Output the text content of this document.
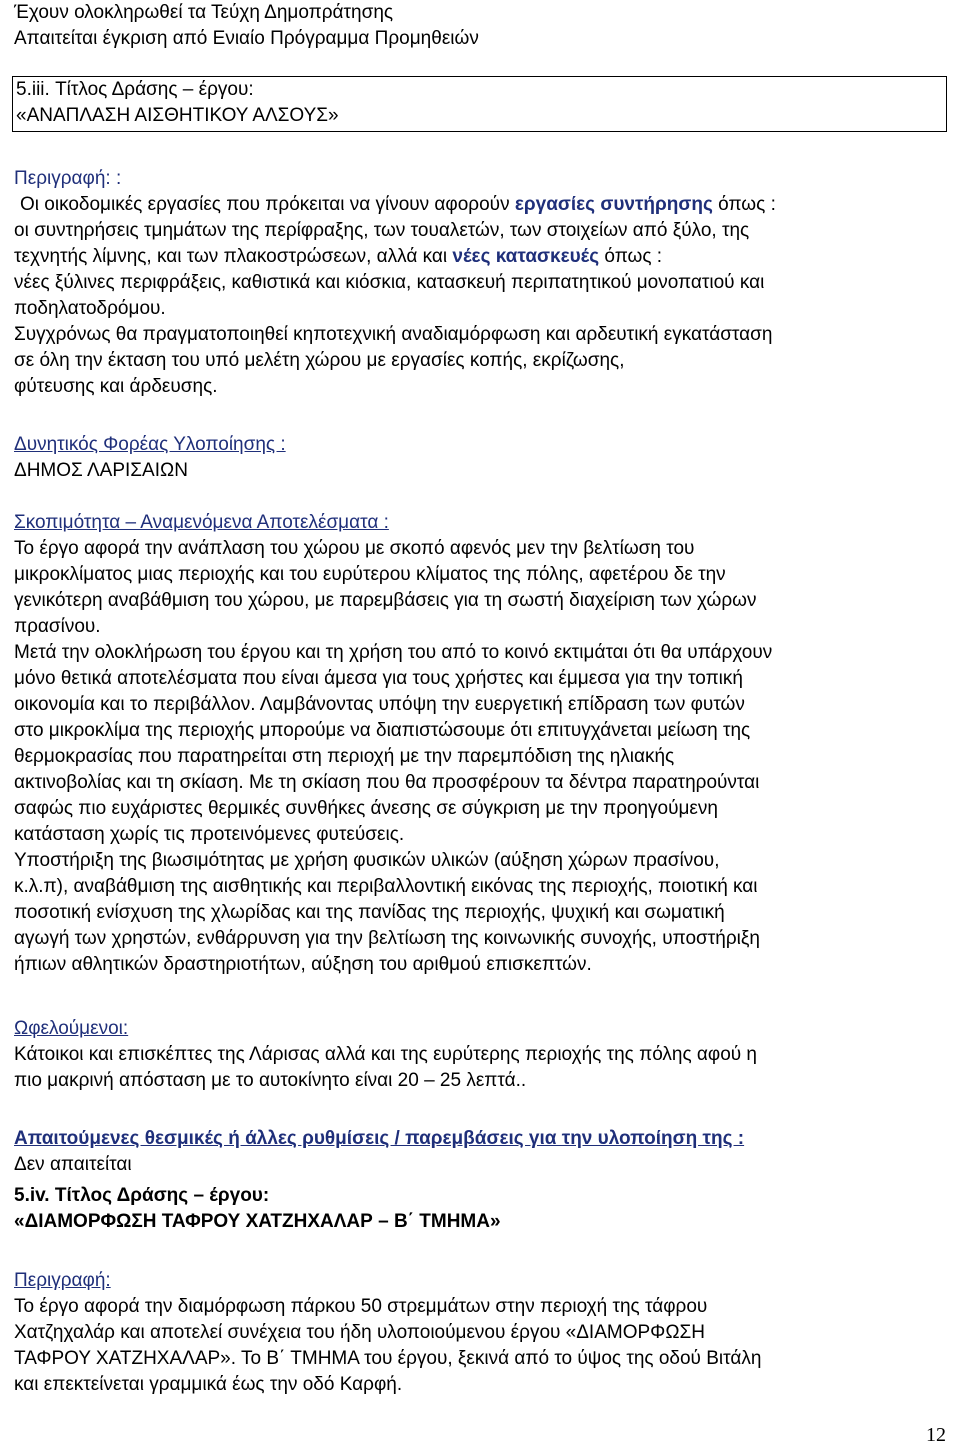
Έχουν ολοκληρωθεί τα Τεύχη Δημοπράτησης
Απαιτείται έγκριση από Ενιαίο Πρόγραμμα Προμηθειών
5.iii. Τίτλος Δράσης – έργου:
«ΑΝΑΠΛΑΣΗ ΑΙΣΘΗΤΙΚΟΥ ΑΛΣΟΥΣ»
Περιγραφή: :
Οι οικοδομικές εργασίες που πρόκειται να γίνουν αφορούν εργασίες συντήρησης όπως :
οι συντηρήσεις τμημάτων της περίφραξης, των τουαλετών, των στοιχείων από ξύλο, της
τεχνητής λίμνης, και των πλακοστρώσεων, αλλά και νέες κατασκευές όπως :
νέες ξύλινες περιφράξεις, καθιστικά και κιόσκια, κατασκευή περιπατητικού μονοπατιού και
ποδηλατοδρόμου.
Συγχρόνως θα πραγματοποιηθεί κηποτεχνική αναδιαμόρφωση και αρδευτική εγκατάσταση
σε όλη την έκταση του υπό μελέτη χώρου με εργασίες κοπής, εκρίζωσης,
φύτευσης και άρδευσης.
Δυνητικός Φορέας Υλοποίησης :
ΔΗΜΟΣ ΛΑΡΙΣΑΙΩΝ
Σκοπιμότητα – Αναμενόμενα Αποτελέσματα :
Το έργο αφορά την ανάπλαση του χώρου με σκοπό αφενός μεν την βελτίωση του
μικροκλίματος μιας περιοχής και του ευρύτερου κλίματος της πόλης, αφετέρου δε την
γενικότερη αναβάθμιση του χώρου, με παρεμβάσεις για τη σωστή διαχείριση των χώρων
πρασίνου.
Μετά την ολοκλήρωση του έργου και τη χρήση του από το κοινό εκτιμάται ότι θα υπάρχουν
μόνο θετικά αποτελέσματα που είναι άμεσα για τους χρήστες και έμμεσα για την τοπική
οικονομία και το περιβάλλον. Λαμβάνοντας υπόψη την ευεργετική επίδραση των φυτών
στο μικροκλίμα της περιοχής μπορούμε να διαπιστώσουμε ότι επιτυγχάνεται μείωση της
θερμοκρασίας που παρατηρείται στη περιοχή με την παρεμπόδιση της ηλιακής
ακτινοβολίας και τη σκίαση. Με τη σκίαση που θα προσφέρουν τα δέντρα παρατηρούνται
σαφώς πιο ευχάριστες θερμικές συνθήκες άνεσης σε σύγκριση με την προηγούμενη
κατάσταση χωρίς τις προτεινόμενες φυτεύσεις.
Υποστήριξη της βιωσιμότητας με χρήση φυσικών υλικών (αύξηση χώρων πρασίνου,
κ.λ.π), αναβάθμιση της αισθητικής και περιβαλλοντική εικόνας της περιοχής, ποιοτική και
ποσοτική ενίσχυση της χλωρίδας και της πανίδας της περιοχής, ψυχική και σωματική
αγωγή των χρηστών, ενθάρρυνση για την βελτίωση της κοινωνικής συνοχής, υποστήριξη
ήπιων αθλητικών δραστηριοτήτων, αύξηση του αριθμού επισκεπτών.
Ωφελούμενοι:
Κάτοικοι και επισκέπτες της Λάρισας αλλά και της ευρύτερης περιοχής της πόλης αφού η
πιο μακρινή απόσταση με το αυτοκίνητο είναι 20 – 25 λεπτά..
Απαιτούμενες θεσμικές ή άλλες ρυθμίσεις / παρεμβάσεις για την υλοποίηση της :
Δεν απαιτείται
5.iv. Τίτλος Δράσης – έργου:
«ΔΙΑΜΟΡΦΩΣΗ ΤΑΦΡΟΥ ΧΑΤΖΗΧΑΛΑΡ – Β΄ ΤΜΗΜΑ»
Περιγραφή:
Το έργο αφορά την διαμόρφωση πάρκου 50 στρεμμάτων στην περιοχή της τάφρου
Χατζηχαλάρ και αποτελεί συνέχεια του ήδη υλοποιούμενου έργου «ΔΙΑΜΟΡΦΩΣΗ
ΤΑΦΡΟΥ ΧΑΤΖΗΧΑΛΑΡ». Το Β΄ ΤΜΗΜΑ του έργου, ξεκινά από το ύψος της οδού Βιτάλη
και επεκτείνεται γραμμικά έως την οδό Καρφή.
12
